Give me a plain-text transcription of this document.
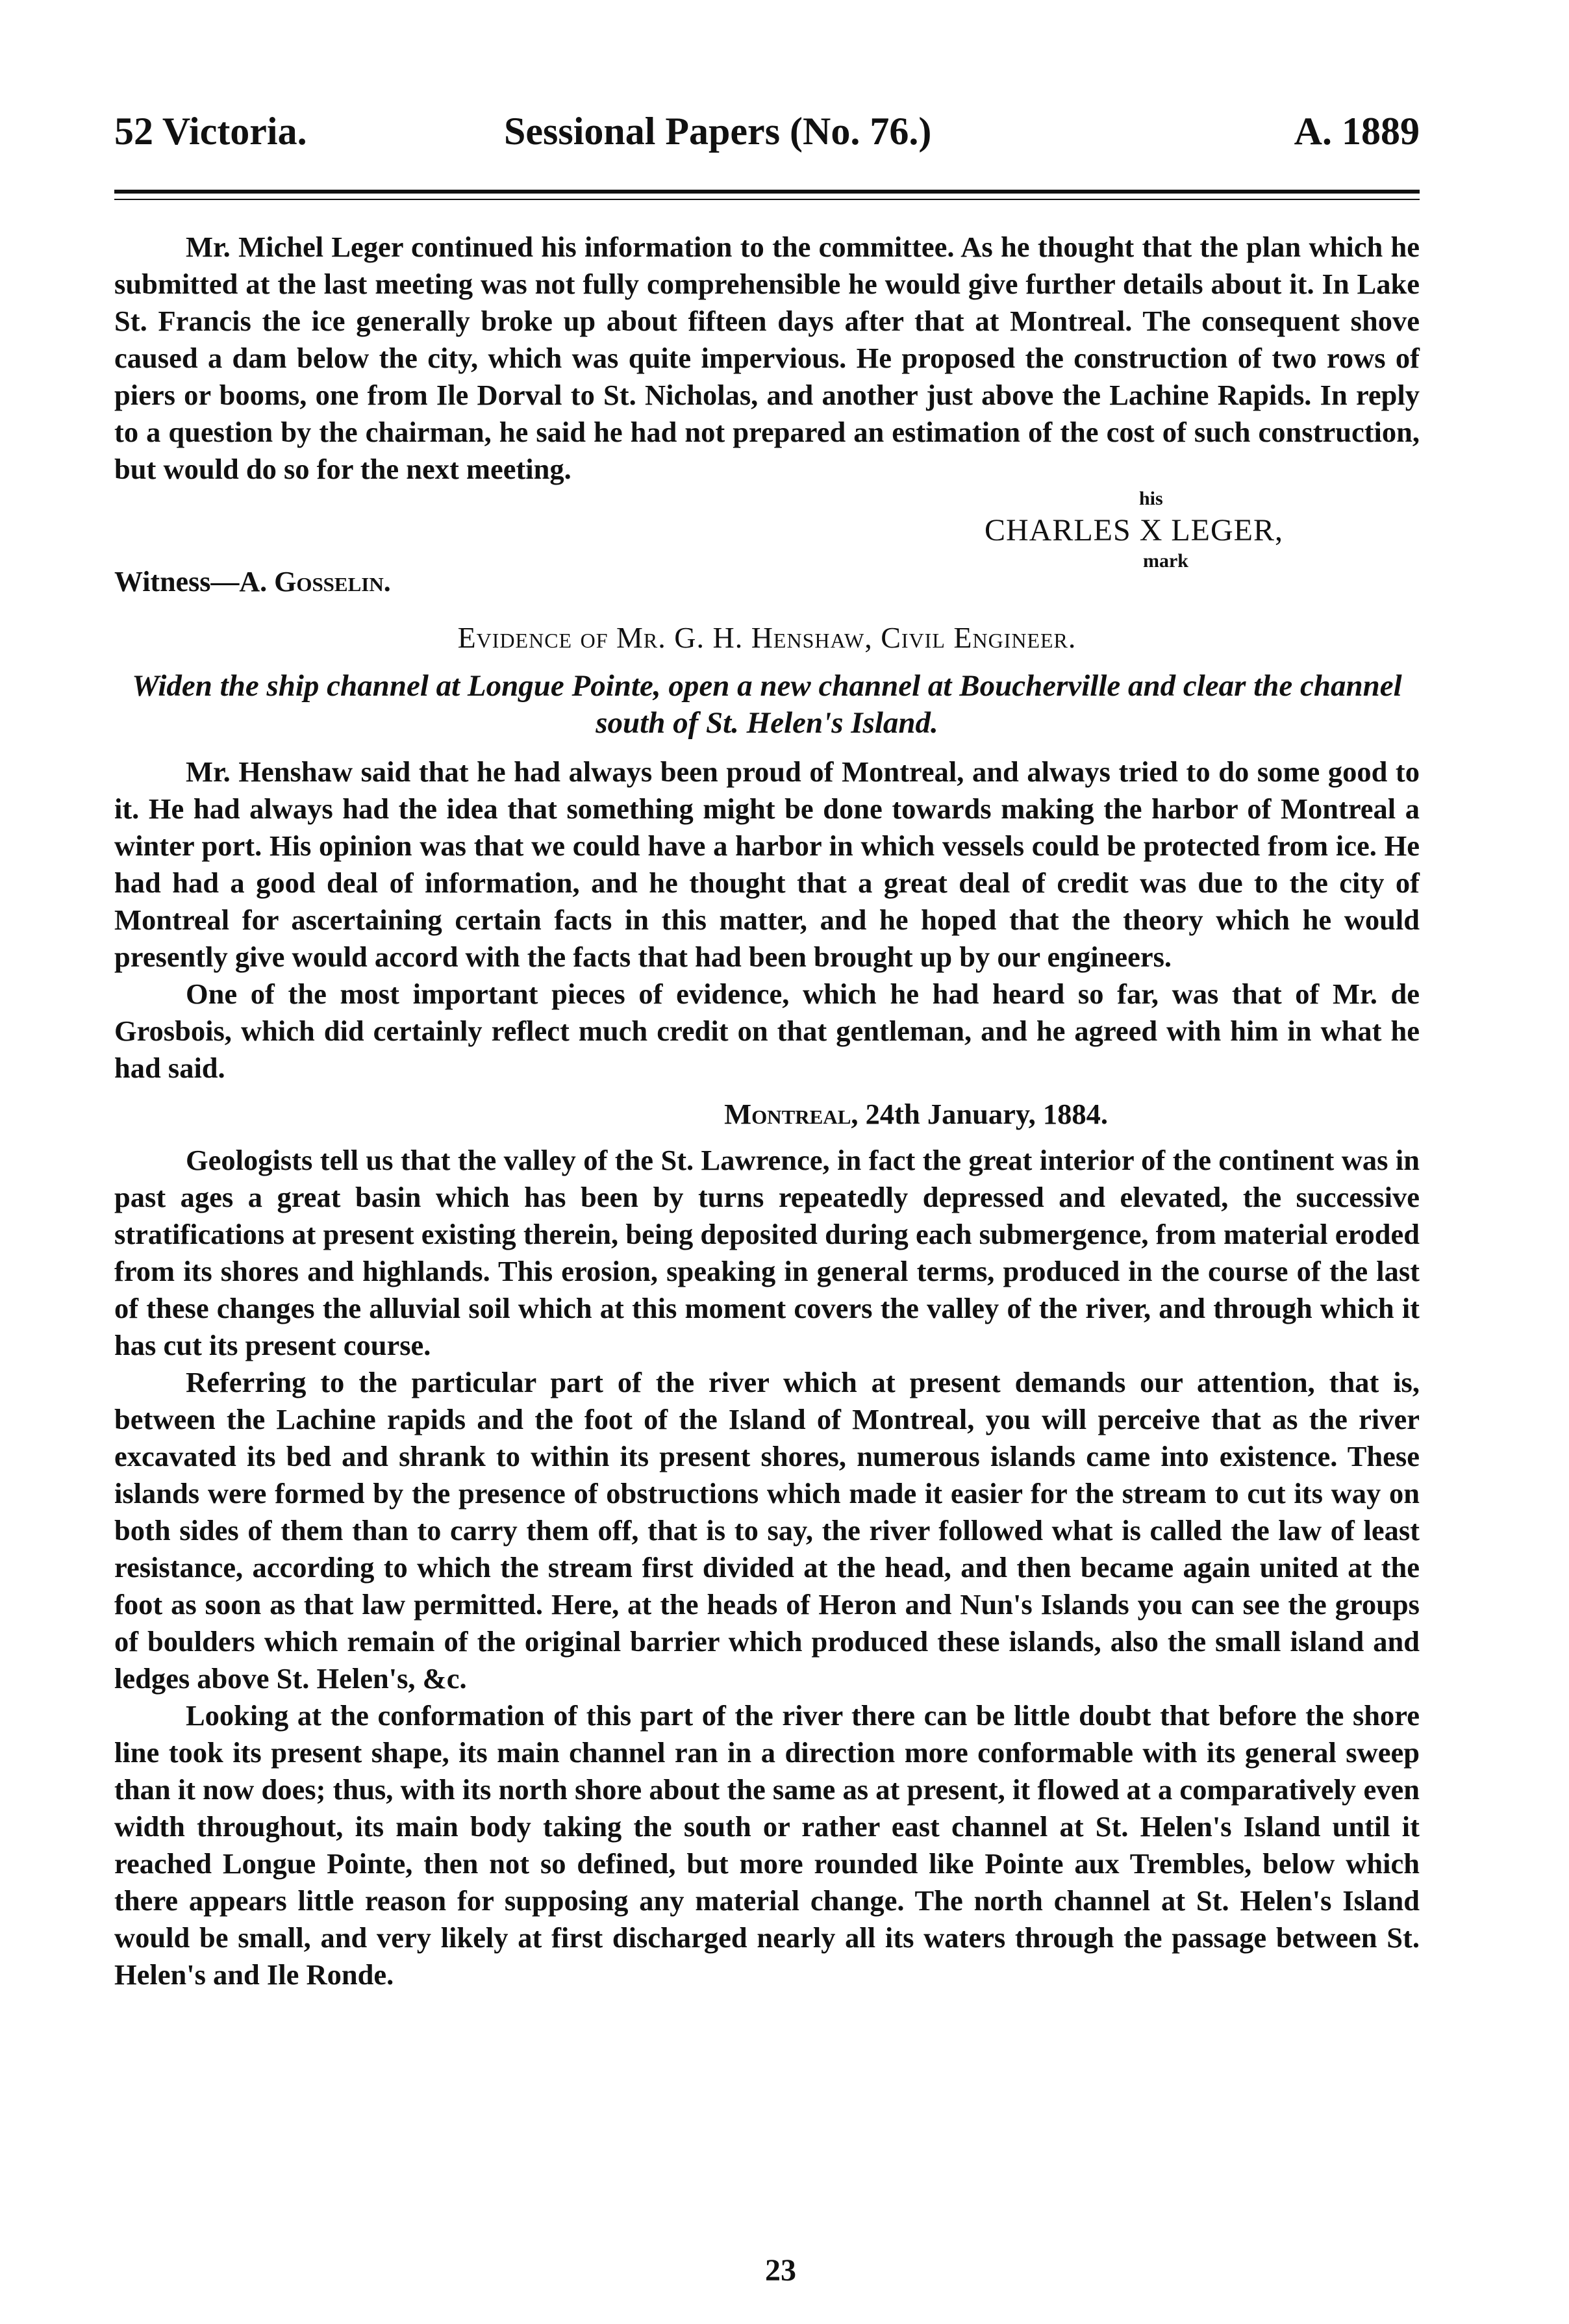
52 Victoria.	Sessional Papers (No. 76.)	A. 1889

Mr. Michel Leger continued his information to the committee. As he thought that the plan which he submitted at the last meeting was not fully comprehensible he would give further details about it. In Lake St. Francis the ice generally broke up about fifteen days after that at Montreal. The consequent shove caused a dam below the city, which was quite impervious. He proposed the construction of two rows of piers or booms, one from Ile Dorval to St. Nicholas, and another just above the Lachine Rapids. In reply to a question by the chairman, he said he had not prepared an estimation of the cost of such construction, but would do so for the next meeting.

his
CHARLES X LEGER,
mark
Witness—A. Gosselin.
Evidence of Mr. G. H. Henshaw, Civil Engineer.
Widen the ship channel at Longue Pointe, open a new channel at Boucherville and clear the channel south of St. Helen's Island.

Mr. Henshaw said that he had always been proud of Montreal, and always tried to do some good to it. He had always had the idea that something might be done towards making the harbor of Montreal a winter port. His opinion was that we could have a harbor in which vessels could be protected from ice. He had had a good deal of information, and he thought that a great deal of credit was due to the city of Montreal for ascertaining certain facts in this matter, and he hoped that the theory which he would presently give would accord with the facts that had been brought up by our engineers.

One of the most important pieces of evidence, which he had heard so far, was that of Mr. de Grosbois, which did certainly reflect much credit on that gentleman, and he agreed with him in what he had said.

Montreal, 24th January, 1884.

Geologists tell us that the valley of the St. Lawrence, in fact the great interior of the continent was in past ages a great basin which has been by turns repeatedly depressed and elevated, the successive stratifications at present existing therein, being deposited during each submergence, from material eroded from its shores and highlands. This erosion, speaking in general terms, produced in the course of the last of these changes the alluvial soil which at this moment covers the valley of the river, and through which it has cut its present course.

Referring to the particular part of the river which at present demands our attention, that is, between the Lachine rapids and the foot of the Island of Montreal, you will perceive that as the river excavated its bed and shrank to within its present shores, numerous islands came into existence. These islands were formed by the presence of obstructions which made it easier for the stream to cut its way on both sides of them than to carry them off, that is to say, the river followed what is called the law of least resistance, according to which the stream first divided at the head, and then became again united at the foot as soon as that law permitted. Here, at the heads of Heron and Nun's Islands you can see the groups of boulders which remain of the original barrier which produced these islands, also the small island and ledges above St. Helen's, &c.

Looking at the conformation of this part of the river there can be little doubt that before the shore line took its present shape, its main channel ran in a direction more conformable with its general sweep than it now does; thus, with its north shore about the same as at present, it flowed at a comparatively even width throughout, its main body taking the south or rather east channel at St. Helen's Island until it reached Longue Pointe, then not so defined, but more rounded like Pointe aux Trembles, below which there appears little reason for supposing any material change. The north channel at St. Helen's Island would be small, and very likely at first discharged nearly all its waters through the passage between St. Helen's and Ile Ronde.

23
